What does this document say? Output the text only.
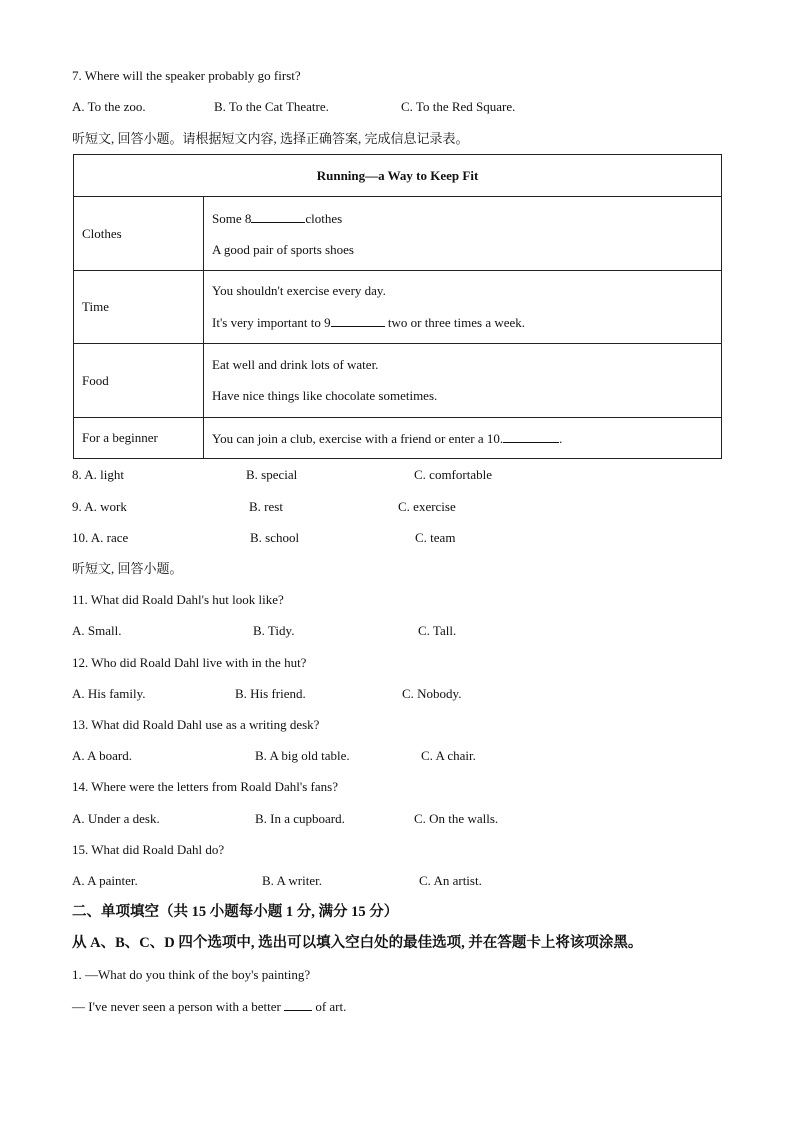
7. Where will the speaker probably go first?
A. To the zoo.	B. To the Cat Theatre.	C. To the Red Square.
听短文, 回答小题。请根据短文内容, 选择正确答案, 完成信息记录表。
Running—a Way to Keep Fit	
Clothes	Some 8 clothes
A good pair of sports shoes

Time	You shouldn't exercise every day.
It's very important to 9 two or three times a week.

Food	Eat well and drink lots of water.
Have nice things like chocolate sometimes.

For a beginner	You can join a club, exercise with a friend or enter a 10. .
8. A. light	B. special	C. comfortable
9. A. work	B. rest	C. exercise
10. A. race	B. school	C. team
听短文, 回答小题。
11. What did Roald Dahl's hut look like?
A. Small.	B. Tidy.	C. Tall.
12. Who did Roald Dahl live with in the hut?
A. His family.	B. His friend.	C. Nobody.
13. What did Roald Dahl use as a writing desk?
A. A board.	B. A big old table.	C. A chair.
14. Where were the letters from Roald Dahl's fans?
A. Under a desk.	B. In a cupboard.	C. On the walls.
15. What did Roald Dahl do?
A. A painter.	B. A writer.	C. An artist.
二、单项填空（共 15 小题每小题 1 分, 满分 15 分）
从 A、B、C、D 四个选项中, 选出可以填入空白处的最佳选项, 并在答题卡上将该项涂黑。
1. —What do you think of the boy's painting?
— I've never seen a person with a better  of art.
